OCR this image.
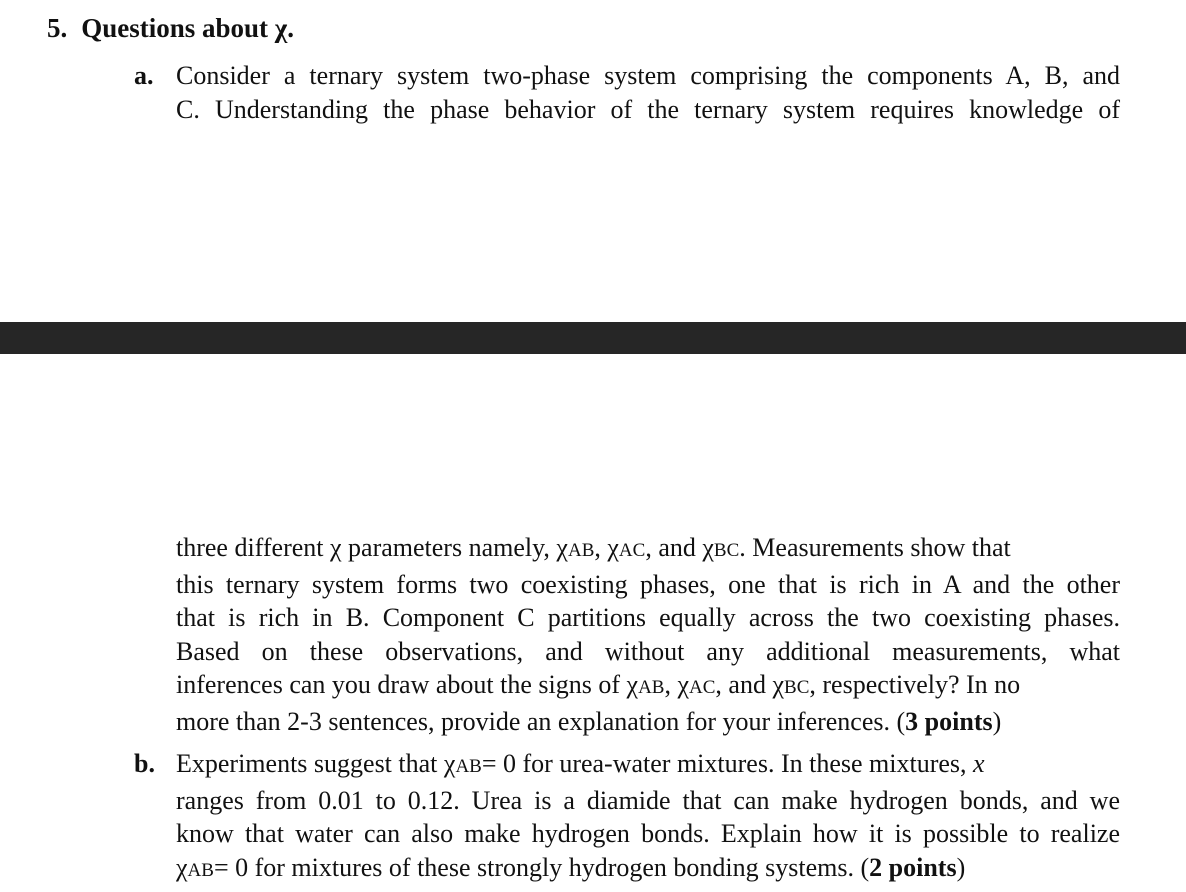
5. Questions about χ.
a. Consider a ternary system two-phase system comprising the components A, B, and
C. Understanding the phase behavior of the ternary system requires knowledge of
three different χ parameters namely, χAB, χAC, and χBC. Measurements show that
this ternary system forms two coexisting phases, one that is rich in A and the other
that is rich in B. Component C partitions equally across the two coexisting phases.
Based on these observations, and without any additional measurements, what
inferences can you draw about the signs of χAB, χAC, and χBC, respectively? In no
more than 2-3 sentences, provide an explanation for your inferences. (3 points)
b. Experiments suggest that χAB= 0 for urea-water mixtures. In these mixtures, x
ranges from 0.01 to 0.12. Urea is a diamide that can make hydrogen bonds, and we
know that water can also make hydrogen bonds. Explain how it is possible to realize
χAB= 0 for mixtures of these strongly hydrogen bonding systems. (2 points)
